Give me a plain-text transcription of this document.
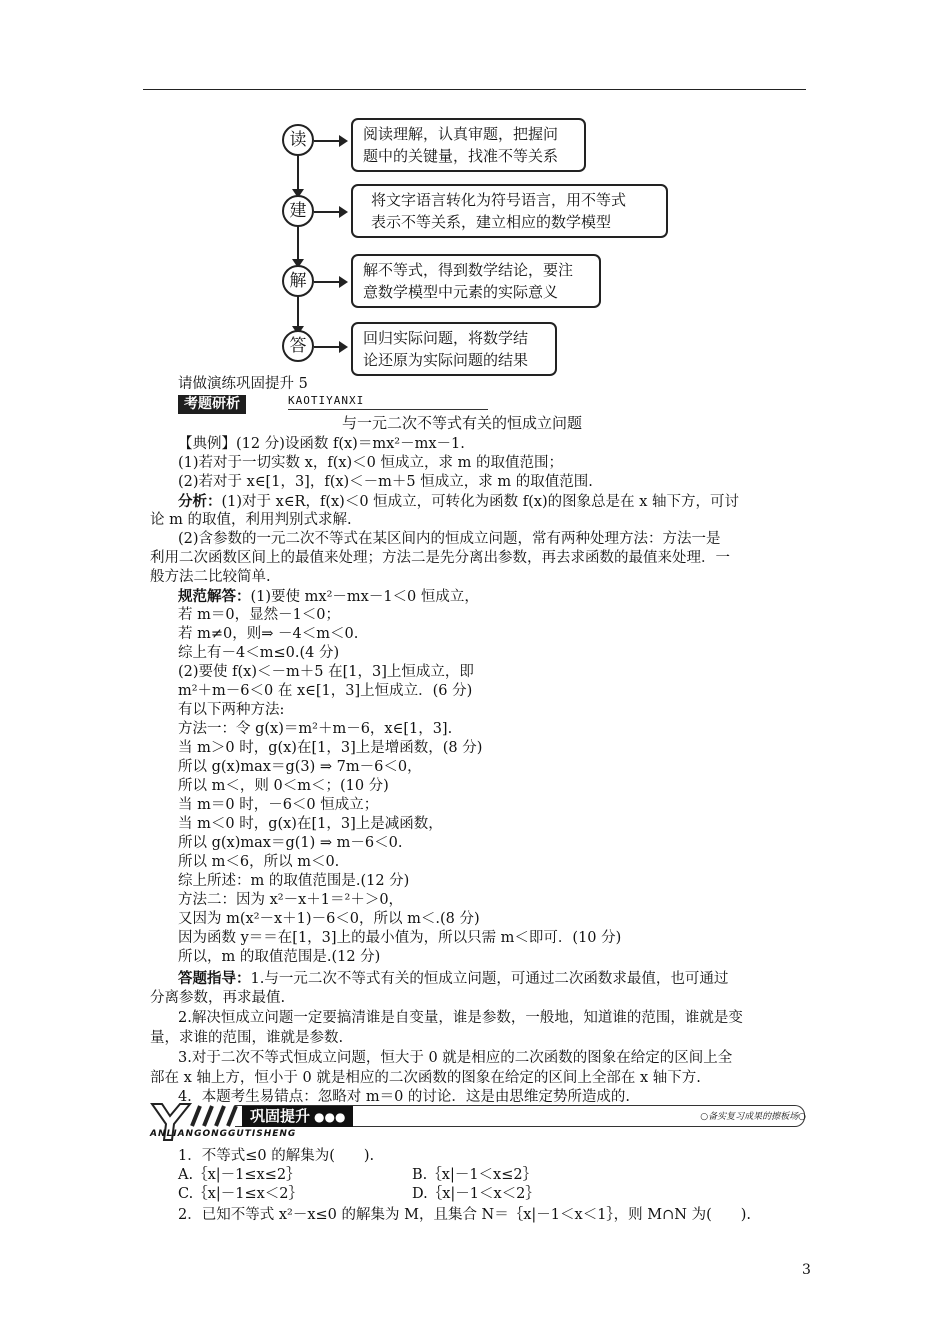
读	阅读理解，认真审题，把握问
题中的关键量，找准不等关系
建
将文字语言转化为符号语言，用不等式
表示不等关系，建立相应的数学模型
解
解不等式，得到数学结论，要注
意数学模型中元素的实际意义
答	回归实际问题，将数学结
论还原为实际问题的结果
请做演练巩固提升 5
考题研析	KAOTIYANXI
与一元二次不等式有关的恒成立问题
【典例】(12 分)设函数 f(x)＝mx²－mx－1.
(1)若对于一切实数 x，f(x)＜0 恒成立，求 m 的取值范围；
(2)若对于 x∈[1，3]，f(x)＜－m＋5 恒成立，求 m 的取值范围.
分析：(1)对于 x∈R，f(x)＜0 恒成立，可转化为函数 f(x)的图象总是在 x 轴下方，可讨
论 m 的取值，利用判别式求解.
(2)含参数的一元二次不等式在某区间内的恒成立问题，常有两种处理方法：方法一是
利用二次函数区间上的最值来处理；方法二是先分离出参数，再去求函数的最值来处理．一
般方法二比较简单.
规范解答：(1)要使 mx²－mx－1＜0 恒成立，
若 m＝0，显然－1＜0；
若 m≠0，则⇒ －4＜m＜0.
综上有－4＜m≤0.(4 分)
(2)要使 f(x)＜－m＋5 在[1，3]上恒成立，即
m²＋m－6＜0 在 x∈[1，3]上恒成立．(6 分)
有以下两种方法:
方法一：令 g(x)＝m²＋m－6，x∈[1，3].
当 m＞0 时，g(x)在[1，3]上是增函数，(8 分)
所以 g(x)max＝g(3) ⇒ 7m－6＜0，
所以 m＜，则 0＜m＜；(10 分)
当 m＝0 时，－6＜0 恒成立；
当 m＜0 时，g(x)在[1，3]上是减函数，
所以 g(x)max＝g(1) ⇒ m－6＜0.
所以 m＜6，所以 m＜0.
综上所述：m 的取值范围是.(12 分)
方法二：因为 x²－x＋1＝²＋＞0，
又因为 m(x²－x＋1)－6＜0，所以 m＜.(8 分)
因为函数 y＝＝在[1，3]上的最小值为，所以只需 m＜即可．(10 分)
所以，m 的取值范围是.(12 分)
答题指导：1.与一元二次不等式有关的恒成立问题，可通过二次函数求最值，也可通过
分离参数，再求最值.
2.解决恒成立问题一定要搞清谁是自变量，谁是参数，一般地，知道谁的范围，谁就是变
量，求谁的范围，谁就是参数.
3.对于二次不等式恒成立问题，恒大于 0 就是相应的二次函数的图象在给定的区间上全
部在 x 轴上方，恒小于 0 就是相应的二次函数的图象在给定的区间上全部在 x 轴下方.
4．本题考生易错点：忽略对 m＝0 的讨论．这是由思维定势所造成的.
巩固提升 ●●●
ANLIANGONGGUTISHENG
○备实复习成果的擦板场○
1．不等式≤0 的解集为(　　).
A.｛x|－1≤x≤2｝	B.｛x|－1＜x≤2｝
C.｛x|－1≤x＜2｝	D.｛x|－1＜x＜2｝
2．已知不等式 x²－x≤0 的解集为 M，且集合 N＝｛x|－1＜x＜1｝，则 M∩N 为(　　).
3
